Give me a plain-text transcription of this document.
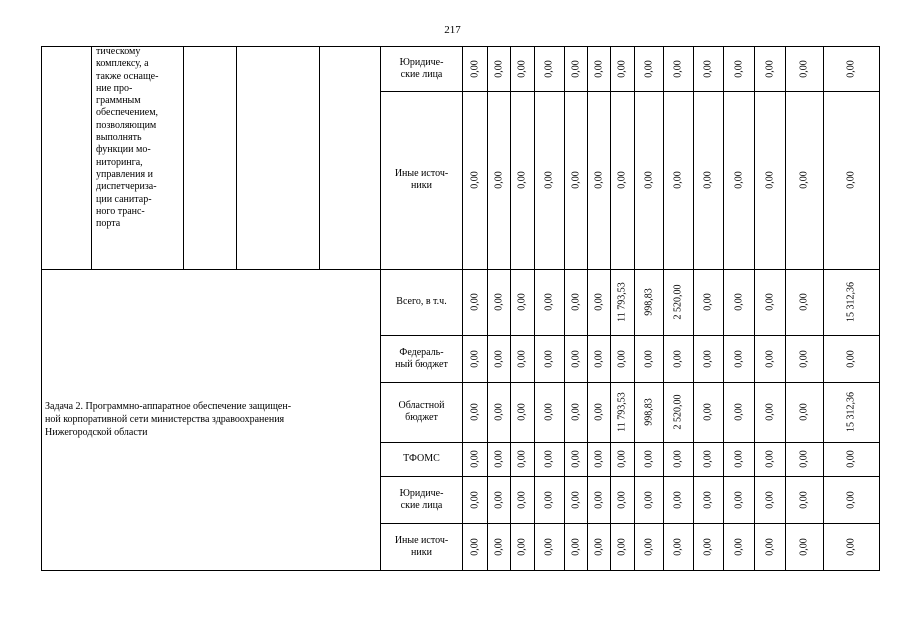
217
тическому
комплексу, а
также оснаще-
ние про-
граммным
обеспечением,
позволяющим
выполнять
функции мо-
ниторинга,
управления и
диспетчериза-
ции санитар-
ного транс-
порта
Задача 2. Программно-аппаратное обеспечение защищен-
ной корпоративной сети министерства здравоохранения
Нижегородской области
Юридиче-
ские лица	0,00 0,00 0,00 0,00 0,00 0,00 0,00 0,00 0,00 0,00 0,00 0,00 0,00	0,00
Иные источ-
ники	0,00 0,00 0,00 0,00 0,00 0,00 0,00 0,00 0,00 0,00 0,00 0,00 0,00	0,00
Всего, в т.ч.	0,00 0,00 0,00 0,00 0,00 0,00 11 793,53 998,83 2 520,00 0,00 0,00 0,00 0,00	15 312,36
Федераль-
ный бюджет	0,00 0,00 0,00 0,00 0,00 0,00 0,00 0,00 0,00 0,00 0,00 0,00 0,00	0,00
Областной
бюджет	0,00 0,00 0,00 0,00 0,00 0,00 11 793,53 998,83 2 520,00 0,00 0,00 0,00 0,00	15 312,36
ТФОМС	0,00 0,00 0,00 0,00 0,00 0,00 0,00 0,00 0,00 0,00 0,00 0,00 0,00	0,00
Юридиче-
ские лица	0,00 0,00 0,00 0,00 0,00 0,00 0,00 0,00 0,00 0,00 0,00 0,00 0,00	0,00
Иные источ-
ники	0,00 0,00 0,00 0,00 0,00 0,00 0,00 0,00 0,00 0,00 0,00 0,00 0,00	0,00
